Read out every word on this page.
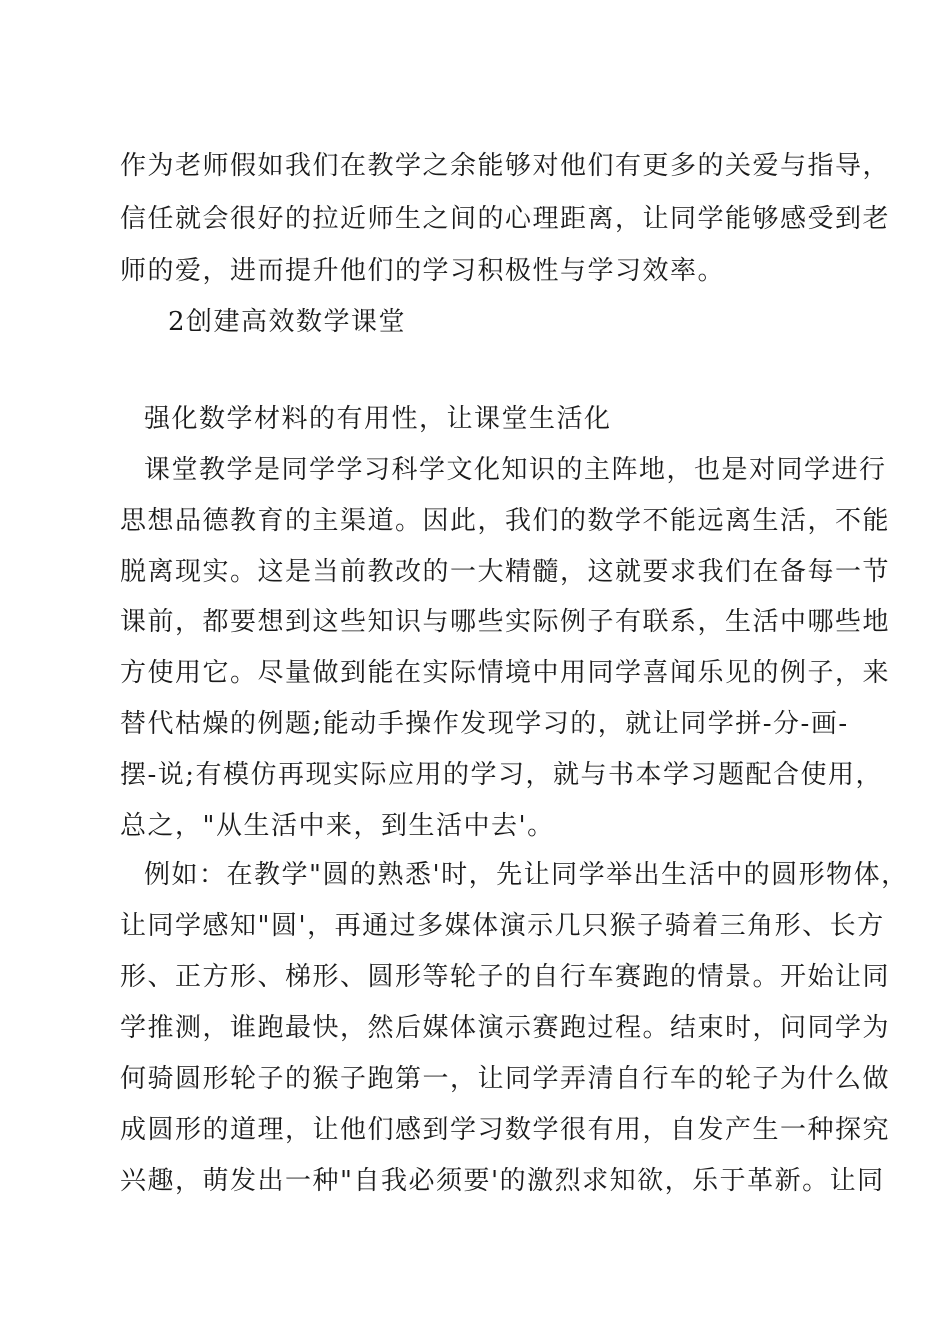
作为老师假如我们在教学之余能够对他们有更多的关爱与指导，
信任就会很好的拉近师生之间的心理距离，让同学能够感受到老
师的爱，进而提升他们的学习积极性与学习效率。
2创建高效数学课堂
强化数学材料的有用性，让课堂生活化
课堂教学是同学学习科学文化知识的主阵地，也是对同学进行
思想品德教育的主渠道。因此，我们的数学不能远离生活，不能
脱离现实。这是当前教改的一大精髓，这就要求我们在备每一节
课前，都要想到这些知识与哪些实际例子有联系，生活中哪些地
方使用它。尽量做到能在实际情境中用同学喜闻乐见的例子，来
替代枯燥的例题;能动手操作发现学习的，就让同学拼-分-画-
摆-说;有模仿再现实际应用的学习，就与书本学习题配合使用，
总之，"从生活中来，到生活中去'。
例如：在教学"圆的熟悉'时，先让同学举出生活中的圆形物体，
让同学感知"圆'，再通过多媒体演示几只猴子骑着三角形、长方
形、正方形、梯形、圆形等轮子的自行车赛跑的情景。开始让同
学推测，谁跑最快，然后媒体演示赛跑过程。结束时，问同学为
何骑圆形轮子的猴子跑第一，让同学弄清自行车的轮子为什么做
成圆形的道理，让他们感到学习数学很有用，自发产生一种探究
兴趣，萌发出一种"自我必须要'的激烈求知欲，乐于革新。让同
